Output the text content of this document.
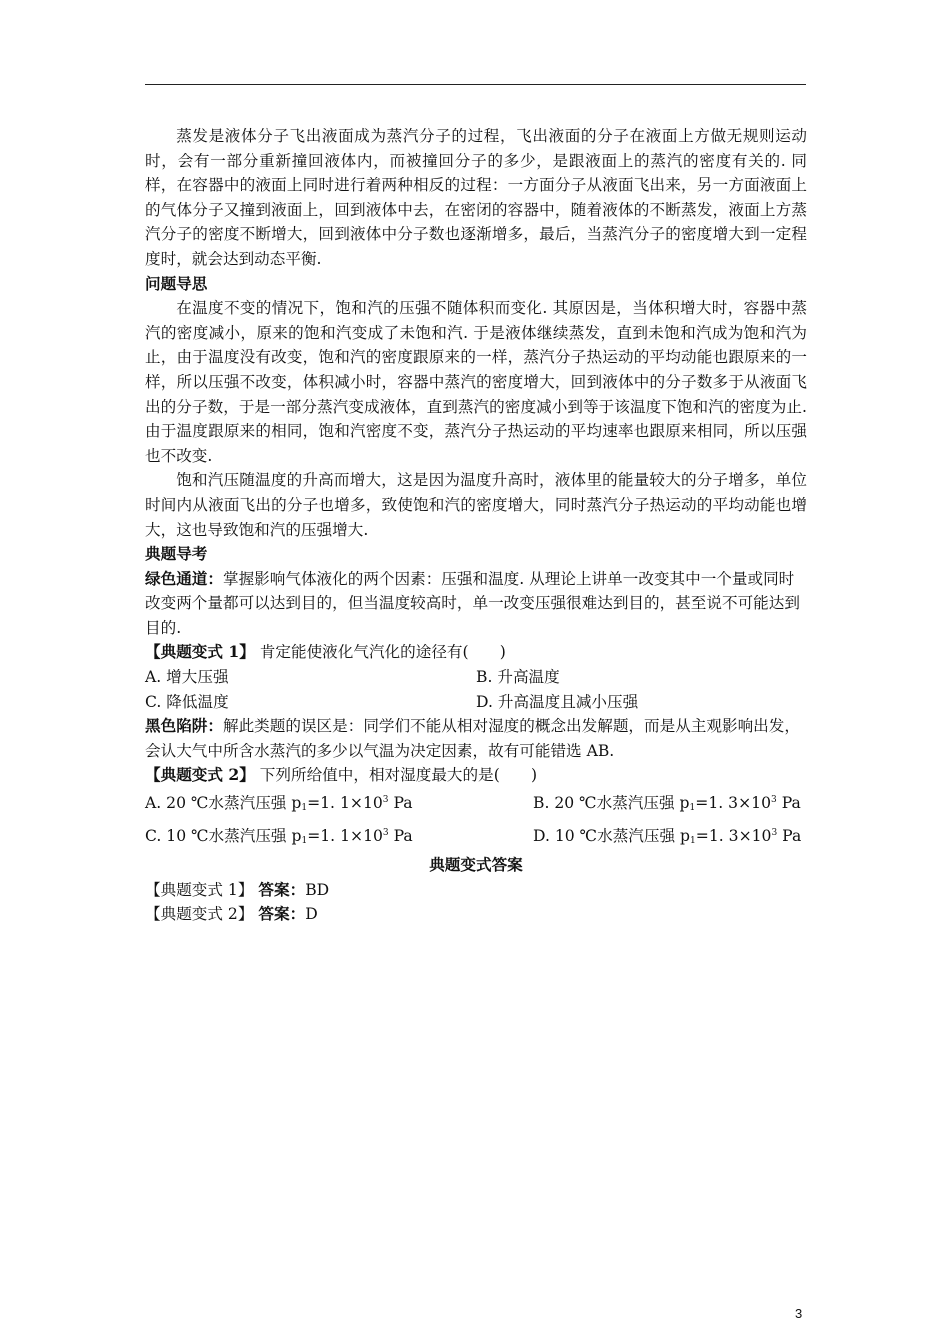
蒸发是液体分子飞出液面成为蒸汽分子的过程，飞出液面的分子在液面上方做无规则运动时，会有一部分重新撞回液体内，而被撞回分子的多少，是跟液面上的蒸汽的密度有关的. 同样，在容器中的液面上同时进行着两种相反的过程：一方面分子从液面飞出来，另一方面液面上的气体分子又撞到液面上，回到液体中去，在密闭的容器中，随着液体的不断蒸发，液面上方蒸汽分子的密度不断增大，回到液体中分子数也逐渐增多，最后，当蒸汽分子的密度增大到一定程度时，就会达到动态平衡.

问题导思

在温度不变的情况下，饱和汽的压强不随体积而变化. 其原因是，当体积增大时，容器中蒸汽的密度减小，原来的饱和汽变成了未饱和汽. 于是液体继续蒸发，直到未饱和汽成为饱和汽为止，由于温度没有改变，饱和汽的密度跟原来的一样，蒸汽分子热运动的平均动能也跟原来的一样，所以压强不改变，体积减小时，容器中蒸汽的密度增大，回到液体中的分子数多于从液面飞出的分子数，于是一部分蒸汽变成液体，直到蒸汽的密度减小到等于该温度下饱和汽的密度为止. 由于温度跟原来的相同，饱和汽密度不变，蒸汽分子热运动的平均速率也跟原来相同，所以压强也不改变.

饱和汽压随温度的升高而增大，这是因为温度升高时，液体里的能量较大的分子增多，单位时间内从液面飞出的分子也增多，致使饱和汽的密度增大，同时蒸汽分子热运动的平均动能也增大，这也导致饱和汽的压强增大.

典题导考

绿色通道：掌握影响气体液化的两个因素：压强和温度. 从理论上讲单一改变其中一个量或同时改变两个量都可以达到目的，但当温度较高时，单一改变压强很难达到目的，甚至说不可能达到目的.

【典题变式 1】 肯定能使液化气汽化的途径有(　　)

A. 增大压强	B. 升高温度
C. 降低温度	D. 升高温度且减小压强

黑色陷阱：解此类题的误区是：同学们不能从相对湿度的概念出发解题，而是从主观影响出发，会认大气中所含水蒸汽的多少以气温为决定因素，故有可能错选 AB.

【典题变式 2】 下列所给值中，相对湿度最大的是(　　)

A. 20 ℃水蒸汽压强 $p_1=1$. $1\times 10^3$ Pa	B. 20 ℃水蒸汽压强 $p_1=1$. $3\times 10^3$ Pa
C. 10 ℃水蒸汽压强 $p_1=1$. $1\times 10^3$ Pa	D. 10 ℃水蒸汽压强 $p_1=1$. $3\times 10^3$ Pa

典题变式答案

【典题变式 1】 答案：BD

【典题变式 2】 答案：D

3
